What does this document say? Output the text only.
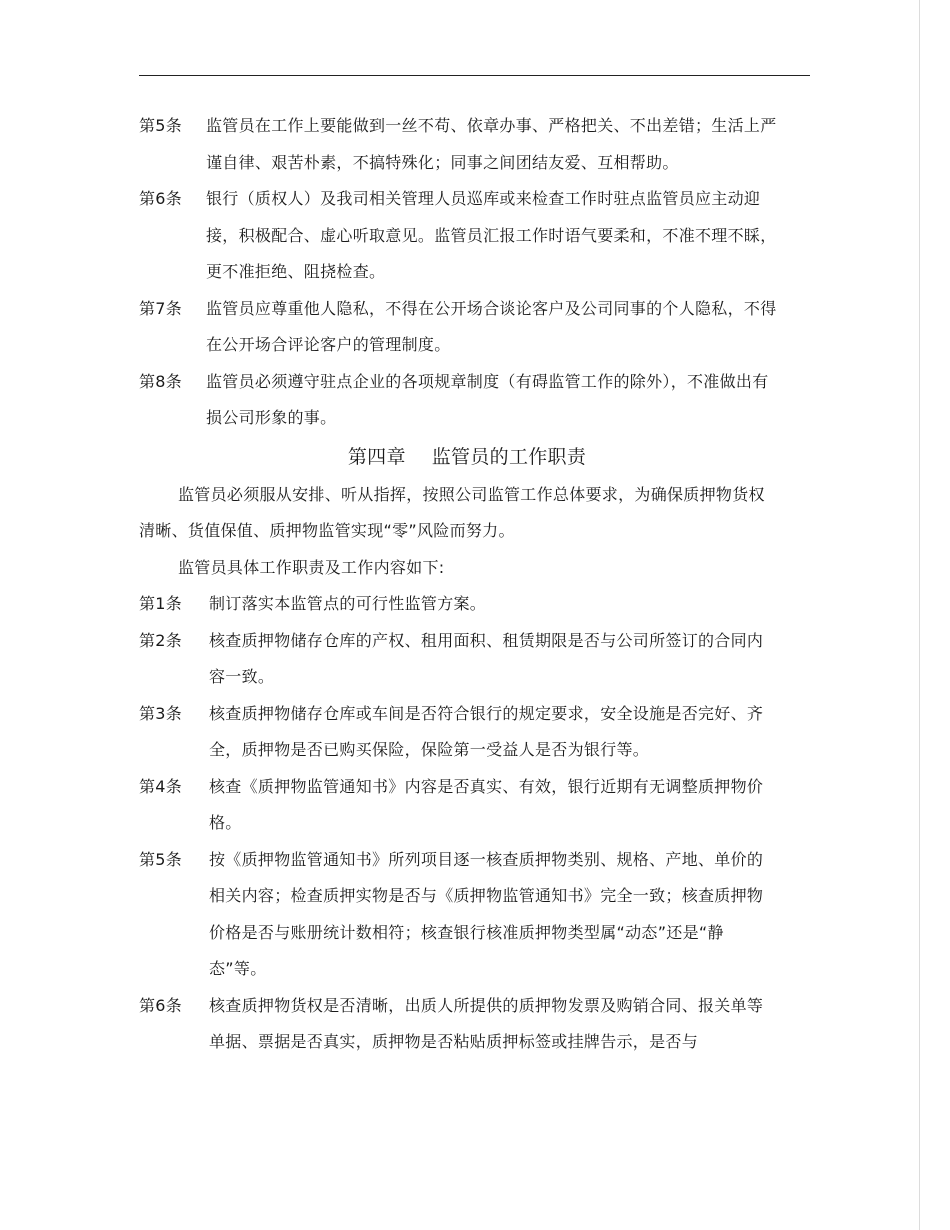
第5条 监管员在工作上要能做到一丝不苟、依章办事、严格把关、不出差错；生活上严谨自律、艰苦朴素，不搞特殊化；同事之间团结友爱、互相帮助。
第6条 银行（质权人）及我司相关管理人员巡库或来检查工作时驻点监管员应主动迎接，积极配合、虚心听取意见。监管员汇报工作时语气要柔和，不准不理不睬，更不准拒绝、阻挠检查。
第7条 监管员应尊重他人隐私，不得在公开场合谈论客户及公司同事的个人隐私，不得在公开场合评论客户的管理制度。
第8条 监管员必须遵守驻点企业的各项规章制度（有碍监管工作的除外），不准做出有损公司形象的事。
第四章 监管员的工作职责

监管员必须服从安排、听从指挥，按照公司监管工作总体要求，为确保质押物货权清晰、货值保值、质押物监管实现“零”风险而努力。

监管员具体工作职责及工作内容如下:

第1条 制订落实本监管点的可行性监管方案。
第2条 核查质押物储存仓库的产权、租用面积、租赁期限是否与公司所签订的合同内容一致。
第3条 核查质押物储存仓库或车间是否符合银行的规定要求，安全设施是否完好、齐全，质押物是否已购买保险，保险第一受益人是否为银行等。
第4条 核查《质押物监管通知书》内容是否真实、有效，银行近期有无调整质押物价格。
第5条 按《质押物监管通知书》所列项目逐一核查质押物类别、规格、产地、单价的相关内容；检查质押实物是否与《质押物监管通知书》完全一致；核查质押物价格是否与账册统计数相符；核查银行核准质押物类型属“动态”还是“静态”等。
第6条 核查质押物货权是否清晰，出质人所提供的质押物发票及购销合同、报关单等单据、票据是否真实，质押物是否粘贴质押标签或挂牌告示，是否与
